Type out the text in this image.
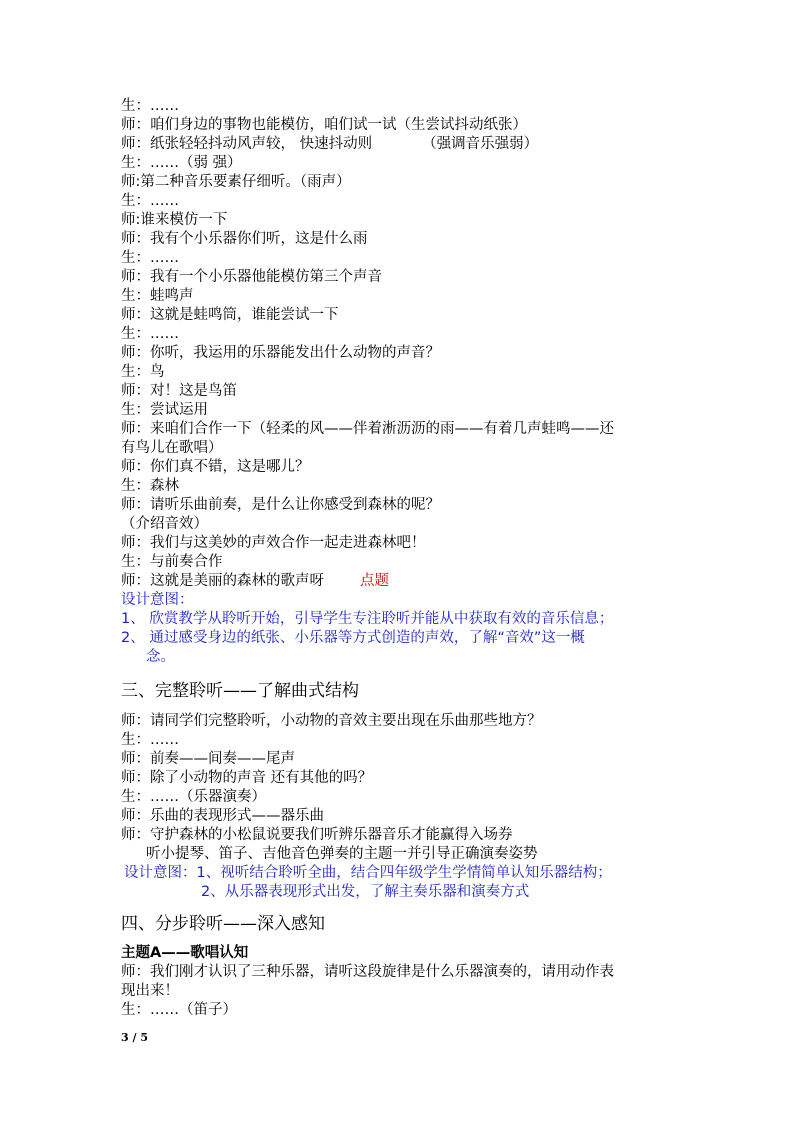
生：……
师：咱们身边的事物也能模仿，咱们试一试（生尝试抖动纸张）
师：纸张轻轻抖动风声较， 快速抖动则	（强调音乐强弱）
生：……（弱 强）
师:第二种音乐要素仔细听。（雨声）
生：……
师:谁来模仿一下
师：我有个小乐器你们听，这是什么雨
生：……
师：我有一个小乐器他能模仿第三个声音
生：蛙鸣声
师：这就是蛙鸣筒，谁能尝试一下
生：……
师：你听，我运用的乐器能发出什么动物的声音？
生：鸟
师：对！这是鸟笛
生：尝试运用
师：来咱们合作一下（轻柔的风——伴着淅沥沥的雨——有着几声蛙鸣——还
有鸟儿在歌唱）
师：你们真不错，这是哪儿？
生：森林
师：请听乐曲前奏，是什么让你感受到森林的呢？
（介绍音效）
师：我们与这美妙的声效合作一起走进森林吧！
生：与前奏合作
师：这就是美丽的森林的歌声呀 点题
设计意图：
1、 欣赏教学从聆听开始，引导学生专注聆听并能从中获取有效的音乐信息；
2、 通过感受身边的纸张、小乐器等方式创造的声效，了解“音效”这一概
念。
三、完整聆听——了解曲式结构
师：请同学们完整聆听，小动物的音效主要出现在乐曲那些地方？
生：……
师：前奏——间奏——尾声
师：除了小动物的声音 还有其他的吗？
生：……（乐器演奏）
师：乐曲的表现形式——器乐曲
师：守护森林的小松鼠说要我们听辨乐器音乐才能赢得入场券
听小提琴、笛子、吉他音色弹奏的主题一并引导正确演奏姿势
设计意图：1、视听结合聆听全曲，结合四年级学生学情简单认知乐器结构；
2、从乐器表现形式出发，了解主奏乐器和演奏方式
四、分步聆听——深入感知
主题A——歌唱认知
师：我们刚才认识了三种乐器，请听这段旋律是什么乐器演奏的，请用动作表
现出来！
生：……（笛子）
3 / 5
